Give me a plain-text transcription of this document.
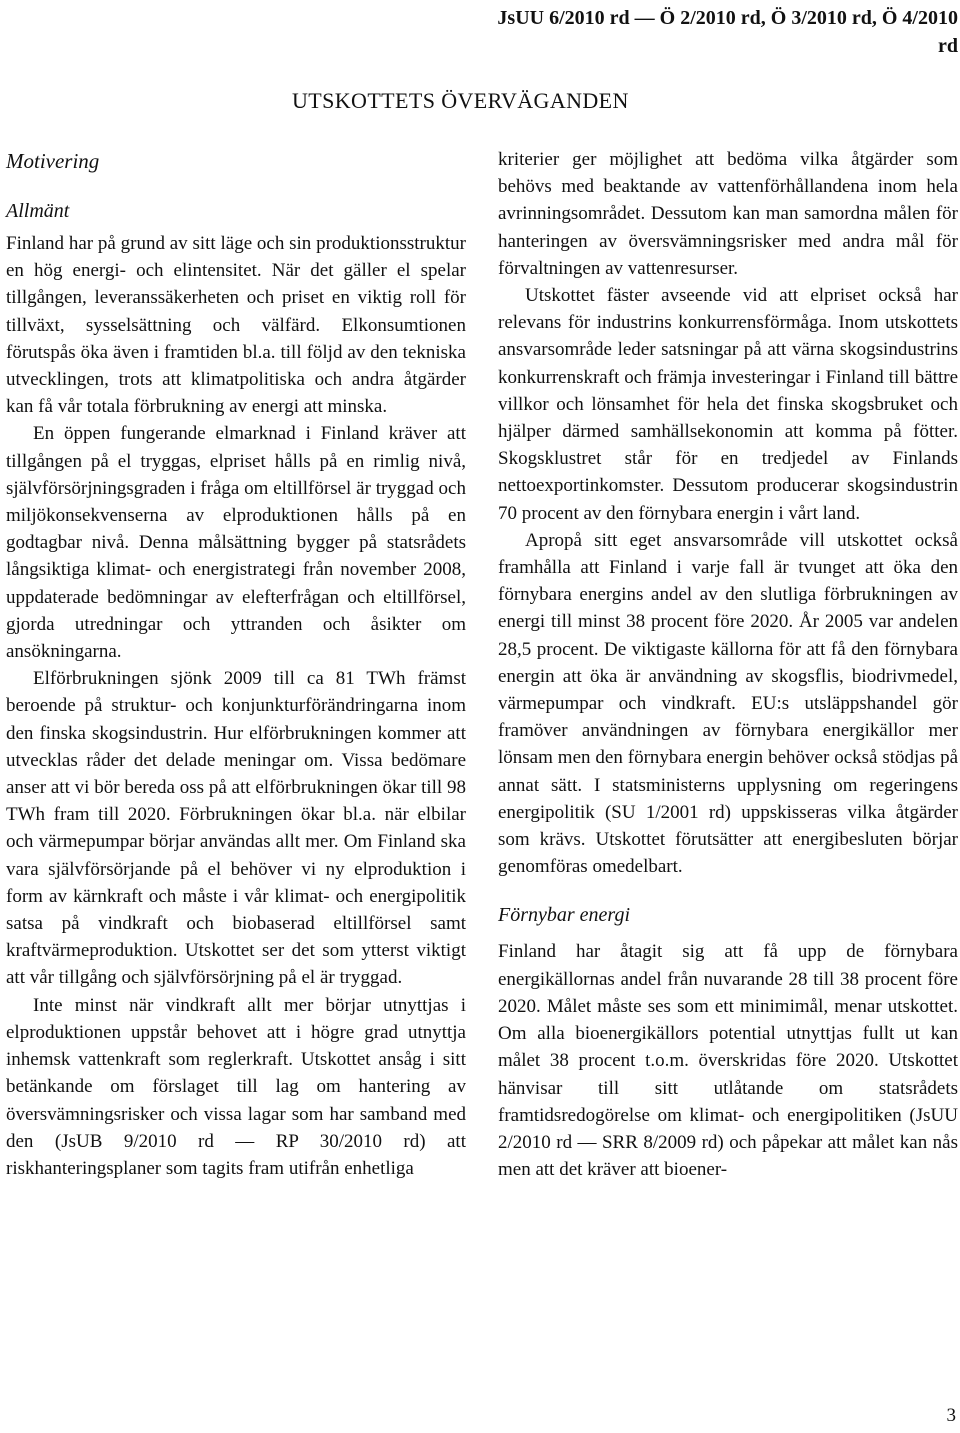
JsUU 6/2010 rd — Ö 2/2010 rd, Ö 3/2010 rd, Ö 4/2010
rd
UTSKOTTETS ÖVERVÄGANDEN
Motivering
Allmänt

Finland har på grund av sitt läge och sin produktionsstruktur en hög energi- och elintensitet. När det gäller el spelar tillgången, leveranssäkerheten och priset en viktig roll för tillväxt, sysselsättning och välfärd. Elkonsumtionen förutspås öka även i framtiden bl.a. till följd av den tekniska utvecklingen, trots att klimatpolitiska och andra åtgärder kan få vår totala förbrukning av energi att minska.

En öppen fungerande elmarknad i Finland kräver att tillgången på el tryggas, elpriset hålls på en rimlig nivå, självförsörjningsgraden i fråga om eltillförsel är tryggad och miljökonsekvenserna av elproduktionen hålls på en godtagbar nivå. Denna målsättning bygger på statsrådets långsiktiga klimat- och energistrategi från november 2008, uppdaterade bedömningar av elefterfrågan och eltillförsel, gjorda utredningar och yttranden och åsikter om ansökningarna.

Elförbrukningen sjönk 2009 till ca 81 TWh främst beroende på struktur- och konjunkturförändringarna inom den finska skogsindustrin. Hur elförbrukningen kommer att utvecklas råder det delade meningar om. Vissa bedömare anser att vi bör bereda oss på att elförbrukningen ökar till 98 TWh fram till 2020. Förbrukningen ökar bl.a. när elbilar och värmepumpar börjar användas allt mer. Om Finland ska vara självförsörjande på el behöver vi ny elproduktion i form av kärnkraft och måste i vår klimat- och energipolitik satsa på vindkraft och biobaserad eltillförsel samt kraftvärmeproduktion. Utskottet ser det som ytterst viktigt att vår tillgång och självförsörjning på el är tryggad.

Inte minst när vindkraft allt mer börjar utnyttjas i elproduktionen uppstår behovet att i högre grad utnyttja inhemsk vattenkraft som reglerkraft. Utskottet ansåg i sitt betänkande om förslaget till lag om hantering av översvämningsrisker och vissa lagar som har samband med den (JsUB 9/2010 rd — RP 30/2010 rd) att riskhanteringsplaner som tagits fram utifrån enhetliga

kriterier ger möjlighet att bedöma vilka åtgärder som behövs med beaktande av vattenförhållandena inom hela avrinningsområdet. Dessutom kan man samordna målen för hanteringen av översvämningsrisker med andra mål för förvaltningen av vattenresurser.

Utskottet fäster avseende vid att elpriset också har relevans för industrins konkurrensförmåga. Inom utskottets ansvarsområde leder satsningar på att värna skogsindustrins konkurrenskraft och främja investeringar i Finland till bättre villkor och lönsamhet för hela det finska skogsbruket och hjälper därmed samhällsekonomin att komma på fötter. Skogsklustret står för en tredjedel av Finlands nettoexportinkomster. Dessutom producerar skogsindustrin 70 procent av den förnybara energin i vårt land.

Apropå sitt eget ansvarsområde vill utskottet också framhålla att Finland i varje fall är tvunget att öka den förnybara energins andel av den slutliga förbrukningen av energi till minst 38 procent före 2020. År 2005 var andelen 28,5 procent. De viktigaste källorna för att få den förnybara energin att öka är användning av skogsflis, biodrivmedel, värmepumpar och vindkraft. EU:s utsläppshandel gör framöver användningen av förnybara energikällor mer lönsam men den förnybara energin behöver också stödjas på annat sätt. I statsministerns upplysning om regeringens energipolitik (SU 1/2001 rd) uppskisseras vilka åtgärder som krävs. Utskottet förutsätter att energibesluten börjar genomföras omedelbart.

Förnybar energi

Finland har åtagit sig att få upp de förnybara energikällornas andel från nuvarande 28 till 38 procent före 2020. Målet måste ses som ett minimimål, menar utskottet. Om alla bioenergikällors potential utnyttjas fullt ut kan målet 38 procent t.o.m. överskridas före 2020. Utskottet hänvisar till sitt utlåtande om statsrådets framtidsredogörelse om klimat- och energipolitiken (JsUU 2/2010 rd — SRR 8/2009 rd) och påpekar att målet kan nås men att det kräver att bioener-

3
